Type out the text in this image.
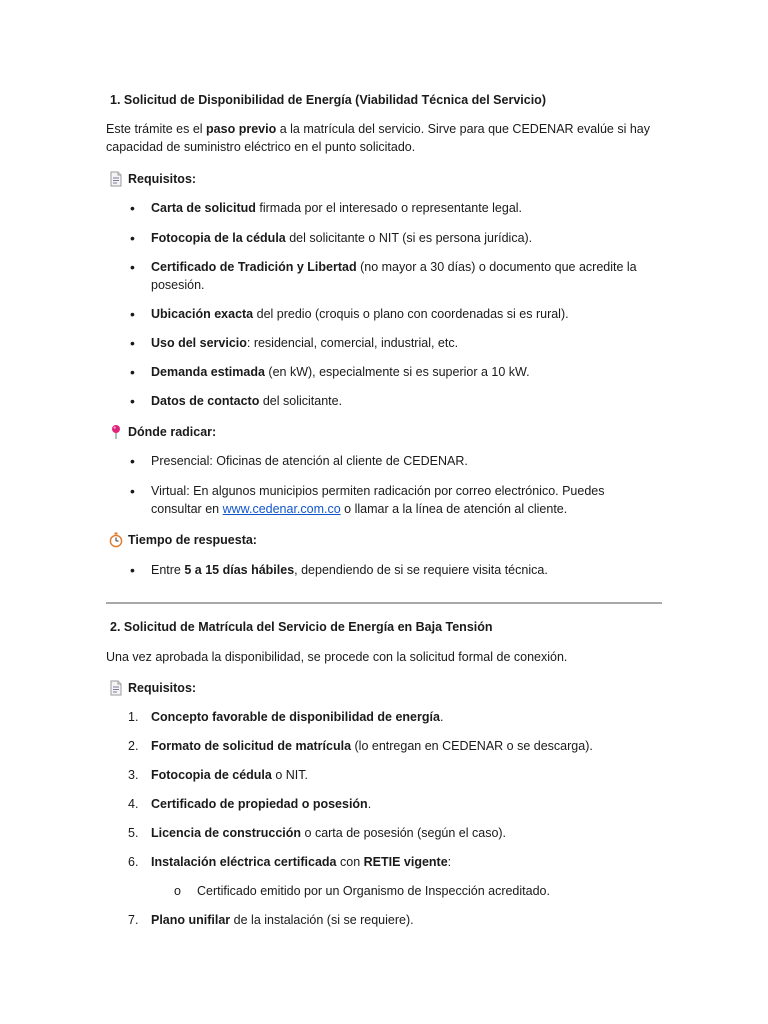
1. Solicitud de Disponibilidad de Energía (Viabilidad Técnica del Servicio)
Este trámite es el paso previo a la matrícula del servicio. Sirve para que CEDENAR evalúe si hay
capacidad de suministro eléctrico en el punto solicitado.
Requisitos:
• Carta de solicitud firmada por el interesado o representante legal.
• Fotocopia de la cédula del solicitante o NIT (si es persona jurídica).
• Certificado de Tradición y Libertad (no mayor a 30 días) o documento que acredite la
posesión.
• Ubicación exacta del predio (croquis o plano con coordenadas si es rural).
• Uso del servicio: residencial, comercial, industrial, etc.
• Demanda estimada (en kW), especialmente si es superior a 10 kW.
• Datos de contacto del solicitante.
Dónde radicar:
• Presencial: Oficinas de atención al cliente de CEDENAR.
• Virtual: En algunos municipios permiten radicación por correo electrónico. Puedes
consultar en www.cedenar.com.co o llamar a la línea de atención al cliente.
Tiempo de respuesta:
• Entre 5 a 15 días hábiles, dependiendo de si se requiere visita técnica.
2. Solicitud de Matrícula del Servicio de Energía en Baja Tensión
Una vez aprobada la disponibilidad, se procede con la solicitud formal de conexión.
Requisitos:
1. Concepto favorable de disponibilidad de energía.
2. Formato de solicitud de matrícula (lo entregan en CEDENAR o se descarga).
3. Fotocopia de cédula o NIT.
4. Certificado de propiedad o posesión.
5. Licencia de construcción o carta de posesión (según el caso).
6. Instalación eléctrica certificada con RETIE vigente:
o Certificado emitido por un Organismo de Inspección acreditado.
7. Plano unifilar de la instalación (si se requiere).
